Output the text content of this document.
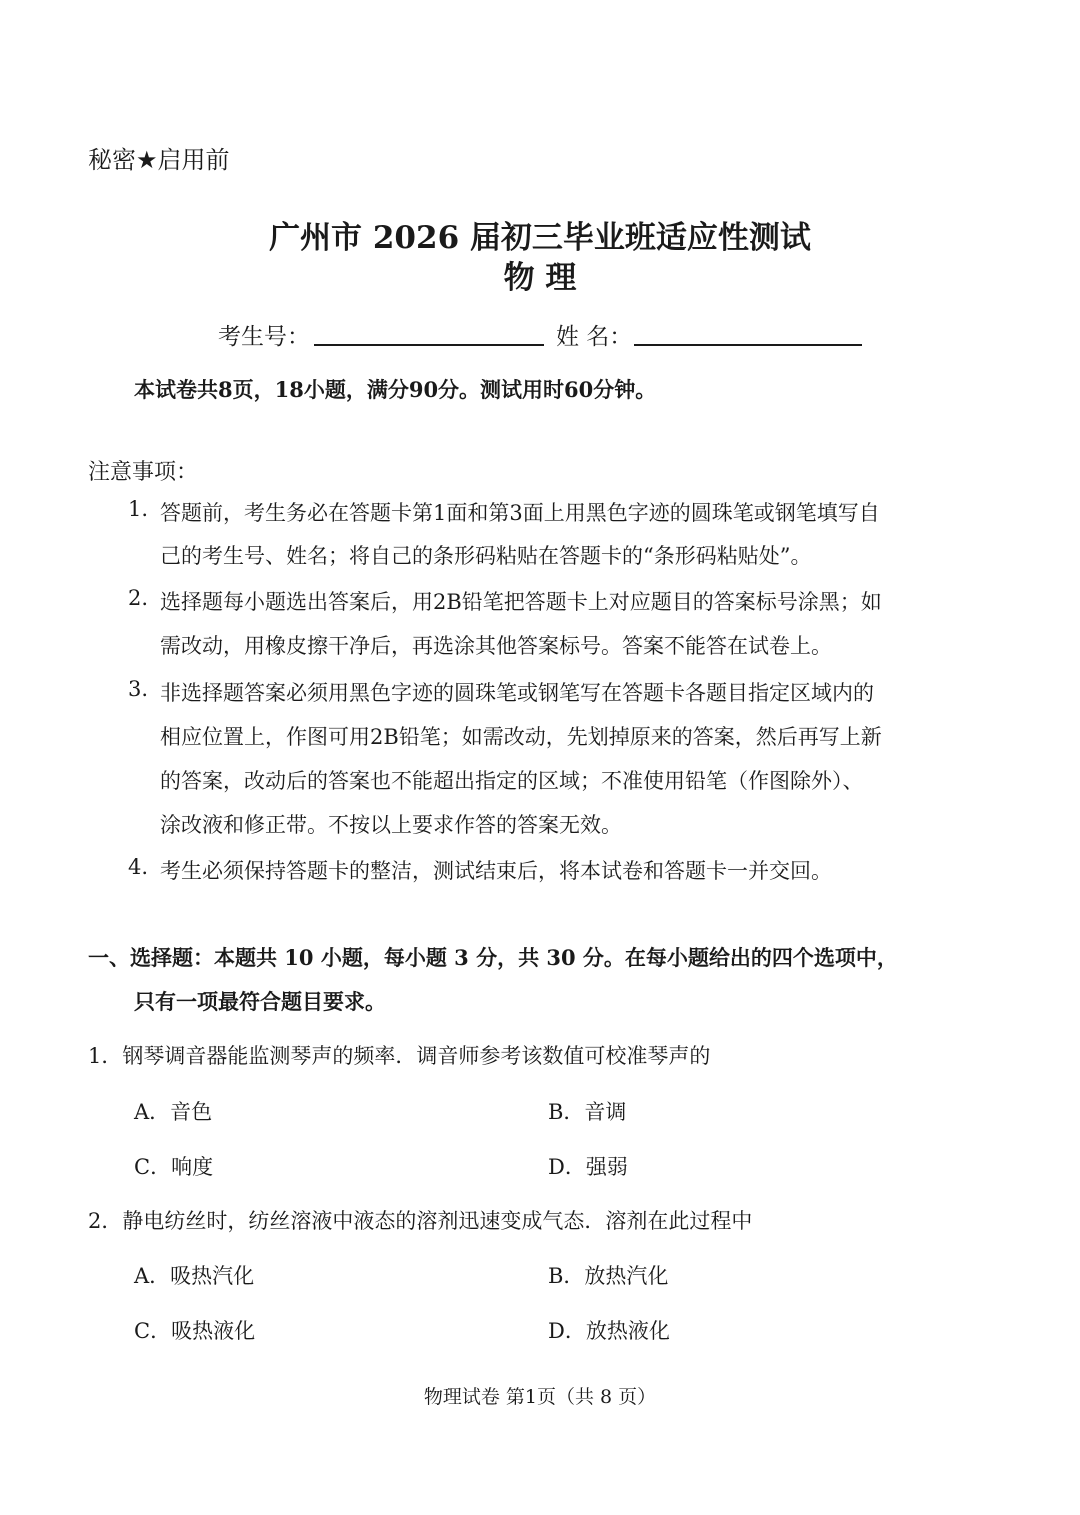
秘密★启用前
广州市 2026 届初三毕业班适应性测试
物 理
考生号：	姓 名：
本试卷共8页，18小题，满分90分。测试用时60分钟。
注意事项：
1. 答题前，考生务必在答题卡第1面和第3面上用黑色字迹的圆珠笔或钢笔填写自
己的考生号、姓名；将自己的条形码粘贴在答题卡的“条形码粘贴处”。
2. 选择题每小题选出答案后，用2B铅笔把答题卡上对应题目的答案标号涂黑；如
需改动，用橡皮擦干净后，再选涂其他答案标号。答案不能答在试卷上。
3. 非选择题答案必须用黑色字迹的圆珠笔或钢笔写在答题卡各题目指定区域内的
相应位置上，作图可用2B铅笔；如需改动，先划掉原来的答案，然后再写上新
的答案，改动后的答案也不能超出指定的区域；不准使用铅笔（作图除外）、
涂改液和修正带。不按以上要求作答的答案无效。
4. 考生必须保持答题卡的整洁，测试结束后，将本试卷和答题卡一并交回。
一、选择题：本题共 10 小题，每小题 3 分，共 30 分。在每小题给出的四个选项中，
只有一项最符合题目要求。
1．钢琴调音器能监测琴声的频率．调音师参考该数值可校准琴声的
A．音色	B．音调
C．响度	D．强弱
2．静电纺丝时，纺丝溶液中液态的溶剂迅速变成气态．溶剂在此过程中
A．吸热汽化	B．放热汽化
C．吸热液化	D．放热液化
物理试卷 第1页（共 8 页）
